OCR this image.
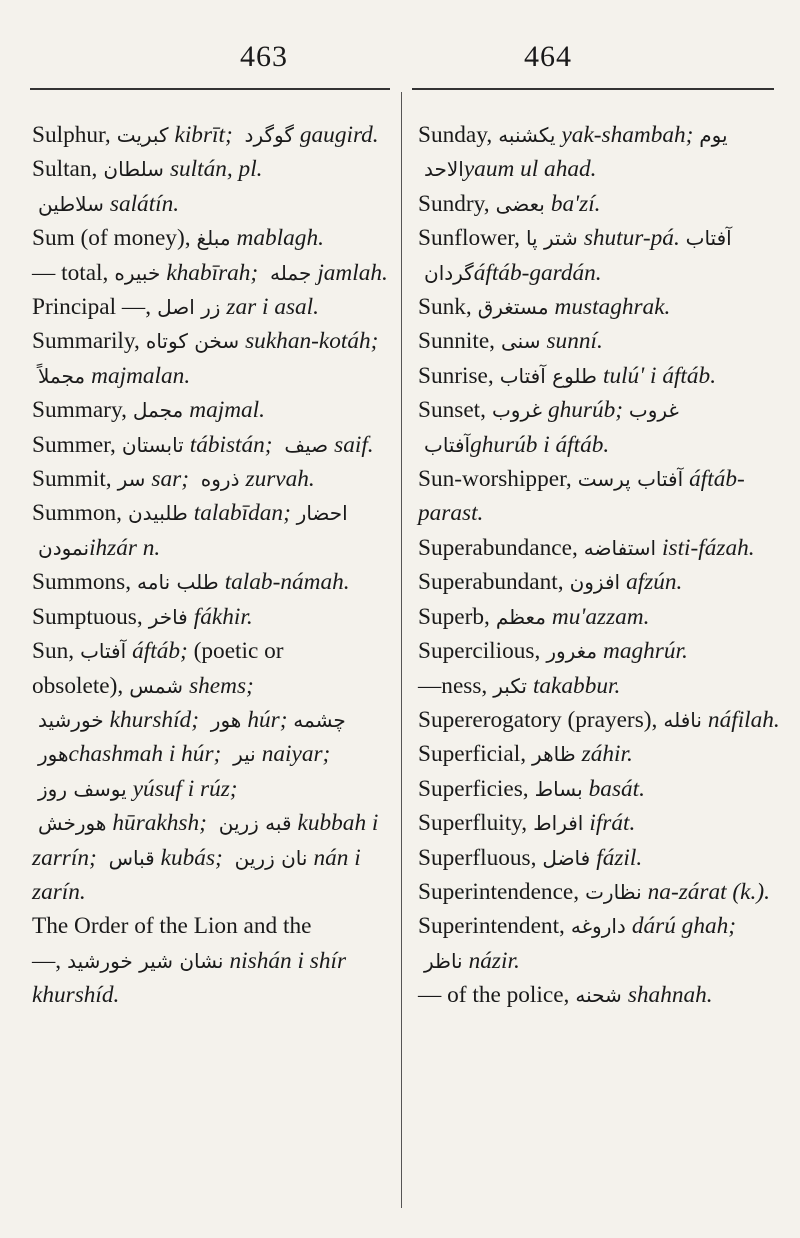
463	464

Sulphur, كبريت kibrīt; گوگرد gaugird.

Sultan, سلطان sultán, pl. سلاطين salátín.

Sum (of money), مبلغ mablagh.

— total, خبيره khabīrah; جمله jamlah.

Principal —, زر اصل zar i asal.

Summarily, سخن كوتاه sukhan-kotáh; مجملاً majmalan.

Summary, مجمل majmal.

Summer, تابستان tábistán; صيف saif.

Summit, سر sar; ذروه zurvah.

Summon, طلبيدن talabīdan; احضار نمودنihzár n.

Summons, طلب نامه talab-námah.

Sumptuous, فاخر fákhir.

Sun, آفتاب áftáb; (poetic or obsolete), شمس shems; خورشيد khurshíd; هور húr; چشمه هورchashmah i húr; نير naiyar; يوسف روز yúsuf i rúz; هورخش hūrakhsh; قبه زرين kubbah i zarrín; قباس kubás; نان زرين nán i zarín.

The Order of the Lion and the —, نشان شير خورشيد nishán i shír khurshíd.

Sunday, يكشنبه yak-shambah; يوم الاحدyaum ul ahad.

Sundry, بعضى ba'zí.

Sunflower, شتر پا shutur-pá. آفتاب گردانáftáb-gardán.

Sunk, مستغرق mustaghrak.

Sunnite, سنى sunní.

Sunrise, طلوع آفتاب tulú' i áftáb.

Sunset, غروب ghurúb; غروب آفتابghurúb i áftáb.

Sun-worshipper, آفتاب پرست áftáb-parast.

Superabundance, استفاضه isti-fázah.

Superabundant, افزون afzún.

Superb, معظم mu'azzam.

Supercilious, مغرور maghrúr.

—ness, تكبر takabbur.

Supererogatory (prayers), نافله náfilah.

Superficial, ظاهر záhir.

Superficies, بساط basát.

Superfluity, افراط ifrát.

Superfluous, فاضل fázil.

Superintendence, نظارت na-zárat (k.).

Superintendent, داروغه dárú ghah; ناظر názir.

— of the police, شحنه shahnah.
